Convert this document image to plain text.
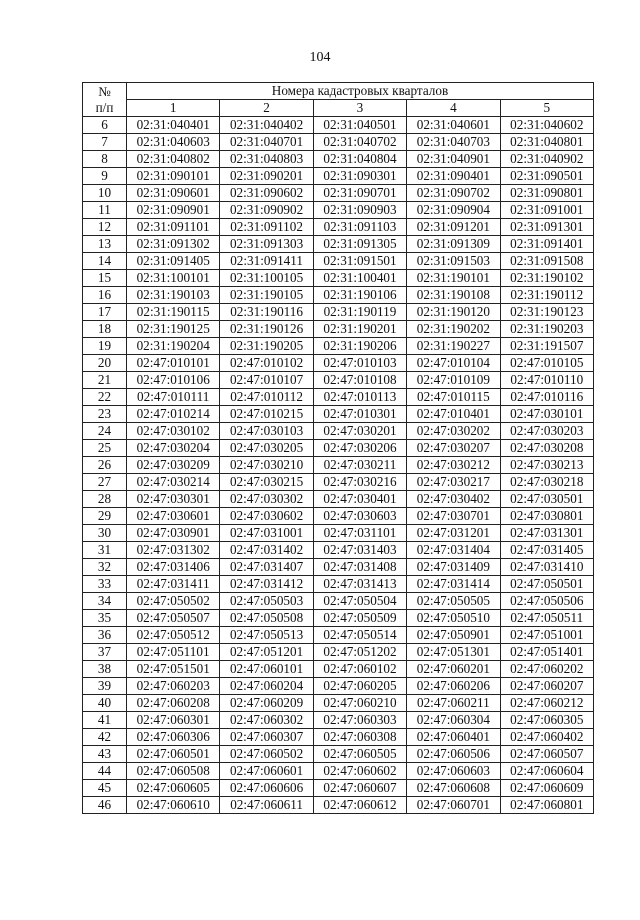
104
№
п/п	Номера кадастровых кварталов				
	1	2	3	4	5
6	02:31:040401	02:31:040402	02:31:040501	02:31:040601	02:31:040602
7	02:31:040603	02:31:040701	02:31:040702	02:31:040703	02:31:040801
8	02:31:040802	02:31:040803	02:31:040804	02:31:040901	02:31:040902
9	02:31:090101	02:31:090201	02:31:090301	02:31:090401	02:31:090501
10	02:31:090601	02:31:090602	02:31:090701	02:31:090702	02:31:090801
11	02:31:090901	02:31:090902	02:31:090903	02:31:090904	02:31:091001
12	02:31:091101	02:31:091102	02:31:091103	02:31:091201	02:31:091301
13	02:31:091302	02:31:091303	02:31:091305	02:31:091309	02:31:091401
14	02:31:091405	02:31:091411	02:31:091501	02:31:091503	02:31:091508
15	02:31:100101	02:31:100105	02:31:100401	02:31:190101	02:31:190102
16	02:31:190103	02:31:190105	02:31:190106	02:31:190108	02:31:190112
17	02:31:190115	02:31:190116	02:31:190119	02:31:190120	02:31:190123
18	02:31:190125	02:31:190126	02:31:190201	02:31:190202	02:31:190203
19	02:31:190204	02:31:190205	02:31:190206	02:31:190227	02:31:191507
20	02:47:010101	02:47:010102	02:47:010103	02:47:010104	02:47:010105
21	02:47:010106	02:47:010107	02:47:010108	02:47:010109	02:47:010110
22	02:47:010111	02:47:010112	02:47:010113	02:47:010115	02:47:010116
23	02:47:010214	02:47:010215	02:47:010301	02:47:010401	02:47:030101
24	02:47:030102	02:47:030103	02:47:030201	02:47:030202	02:47:030203
25	02:47:030204	02:47:030205	02:47:030206	02:47:030207	02:47:030208
26	02:47:030209	02:47:030210	02:47:030211	02:47:030212	02:47:030213
27	02:47:030214	02:47:030215	02:47:030216	02:47:030217	02:47:030218
28	02:47:030301	02:47:030302	02:47:030401	02:47:030402	02:47:030501
29	02:47:030601	02:47:030602	02:47:030603	02:47:030701	02:47:030801
30	02:47:030901	02:47:031001	02:47:031101	02:47:031201	02:47:031301
31	02:47:031302	02:47:031402	02:47:031403	02:47:031404	02:47:031405
32	02:47:031406	02:47:031407	02:47:031408	02:47:031409	02:47:031410
33	02:47:031411	02:47:031412	02:47:031413	02:47:031414	02:47:050501
34	02:47:050502	02:47:050503	02:47:050504	02:47:050505	02:47:050506
35	02:47:050507	02:47:050508	02:47:050509	02:47:050510	02:47:050511
36	02:47:050512	02:47:050513	02:47:050514	02:47:050901	02:47:051001
37	02:47:051101	02:47:051201	02:47:051202	02:47:051301	02:47:051401
38	02:47:051501	02:47:060101	02:47:060102	02:47:060201	02:47:060202
39	02:47:060203	02:47:060204	02:47:060205	02:47:060206	02:47:060207
40	02:47:060208	02:47:060209	02:47:060210	02:47:060211	02:47:060212
41	02:47:060301	02:47:060302	02:47:060303	02:47:060304	02:47:060305
42	02:47:060306	02:47:060307	02:47:060308	02:47:060401	02:47:060402
43	02:47:060501	02:47:060502	02:47:060505	02:47:060506	02:47:060507
44	02:47:060508	02:47:060601	02:47:060602	02:47:060603	02:47:060604
45	02:47:060605	02:47:060606	02:47:060607	02:47:060608	02:47:060609
46	02:47:060610	02:47:060611	02:47:060612	02:47:060701	02:47:060801
